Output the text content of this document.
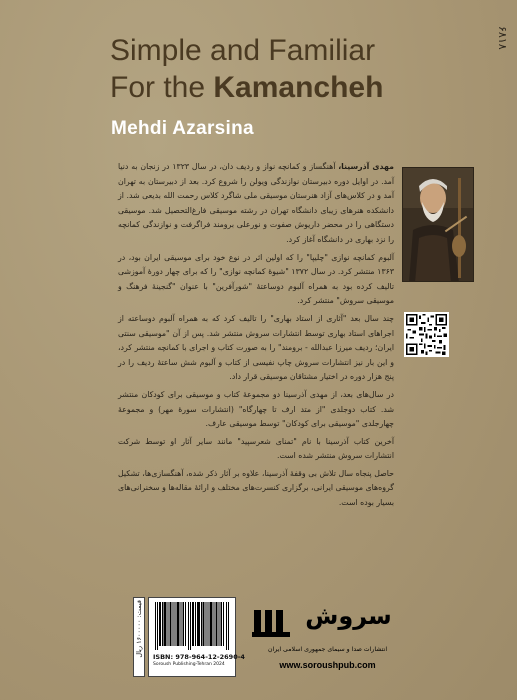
۶۸۱۸
Simple and Familiar

For the Kamancheh
Mehdi Azarsina

مهدی آذرسینا، آهنگساز و کمانچه نواز و ردیف دان، در سال ۱۳۲۳ در زنجان به دنیا آمد. در اوایل دوره دبیرستان نوازندگی ویولن را شروع کرد. بعد از دبیرستان به تهران آمد و در کلاس‌های آزاد هنرستان موسیقی ملی شاگرد کلاس رحمت الله بدیعی شد. از دانشکده هنرهای زیبای دانشگاه تهران در رشته موسیقی فارغ‌التحصیل شد. موسیقی دستگاهی را در محضر داریوش صفوت و نورعلی برومند فراگرفت و نوازندگی کمانچه را نزد بهاری در دانشگاه آغاز کرد.

آلبوم کمانچه نوازی "چلیپا" را که اولین اثر در نوع خود برای موسیقی ایران بود، در ۱۳۶۳ منتشر کرد. در سال ۱۳۷۲ "شیوهٔ کمانچه نوازی" را که برای چهار دورهٔ آموزشی تالیف کرده بود به همراه آلبوم دوساعتهٔ "شورآفرین" با عنوان "گنجینهٔ فرهنگ و موسیقی سروش" منتشر کرد.

چند سال بعد "آثاری از استاد بهاری" را تالیف کرد که به همراه آلبوم دوساعته از اجراهای استاد بهاری توسط انتشارات سروش منتشر شد. پس از آن "موسیقی سنتی ایران؛ ردیف میرزا عبدالله - برومند" را به صورت کتاب و اجرای با کمانچه منتشر کرد، و این بار نیز انتشارات سروش چاپ نفیسی از کتاب و آلبوم شش ساعتهٔ ردیف را در پنج هزار دوره در اختیار مشتاقان موسیقی قرار داد.

در سال‌های بعد، از مهدی آذرسینا دو مجموعهٔ کتاب و موسیقی برای کودکان منتشر شد. کتاب دوجلدی "از متد ارف تا چهارگاه" (انتشارات سورهٔ مهر) و مجموعهٔ چهارجلدی "موسیقی برای کودکان" توسط موسیقی عارف.

آخرین کتاب آذرسینا با نام "تمنای شعرسپید" مانند سایر آثار او توسط شرکت انتشارات سروش منتشر شده است.

حاصل پنجاه سال تلاش بی وقفهٔ آذرسینا، علاوه بر آثار ذکر شده، آهنگسازی‌ها، تشکیل گروه‌های موسیقی ایرانی، برگزاری کنسرت‌های مختلف و ارائهٔ مقاله‌ها و سخنرانی‌های بسیار بوده است.

قیمت: ۱۶۰۰۰۰۰ ریال
ISBN: 978-964-12-2690-4
Soroush Publishing-Tehran 2024
سروش
انتشارات صدا و سیمای جمهوری اسلامی ایران
www.soroushpub.com
